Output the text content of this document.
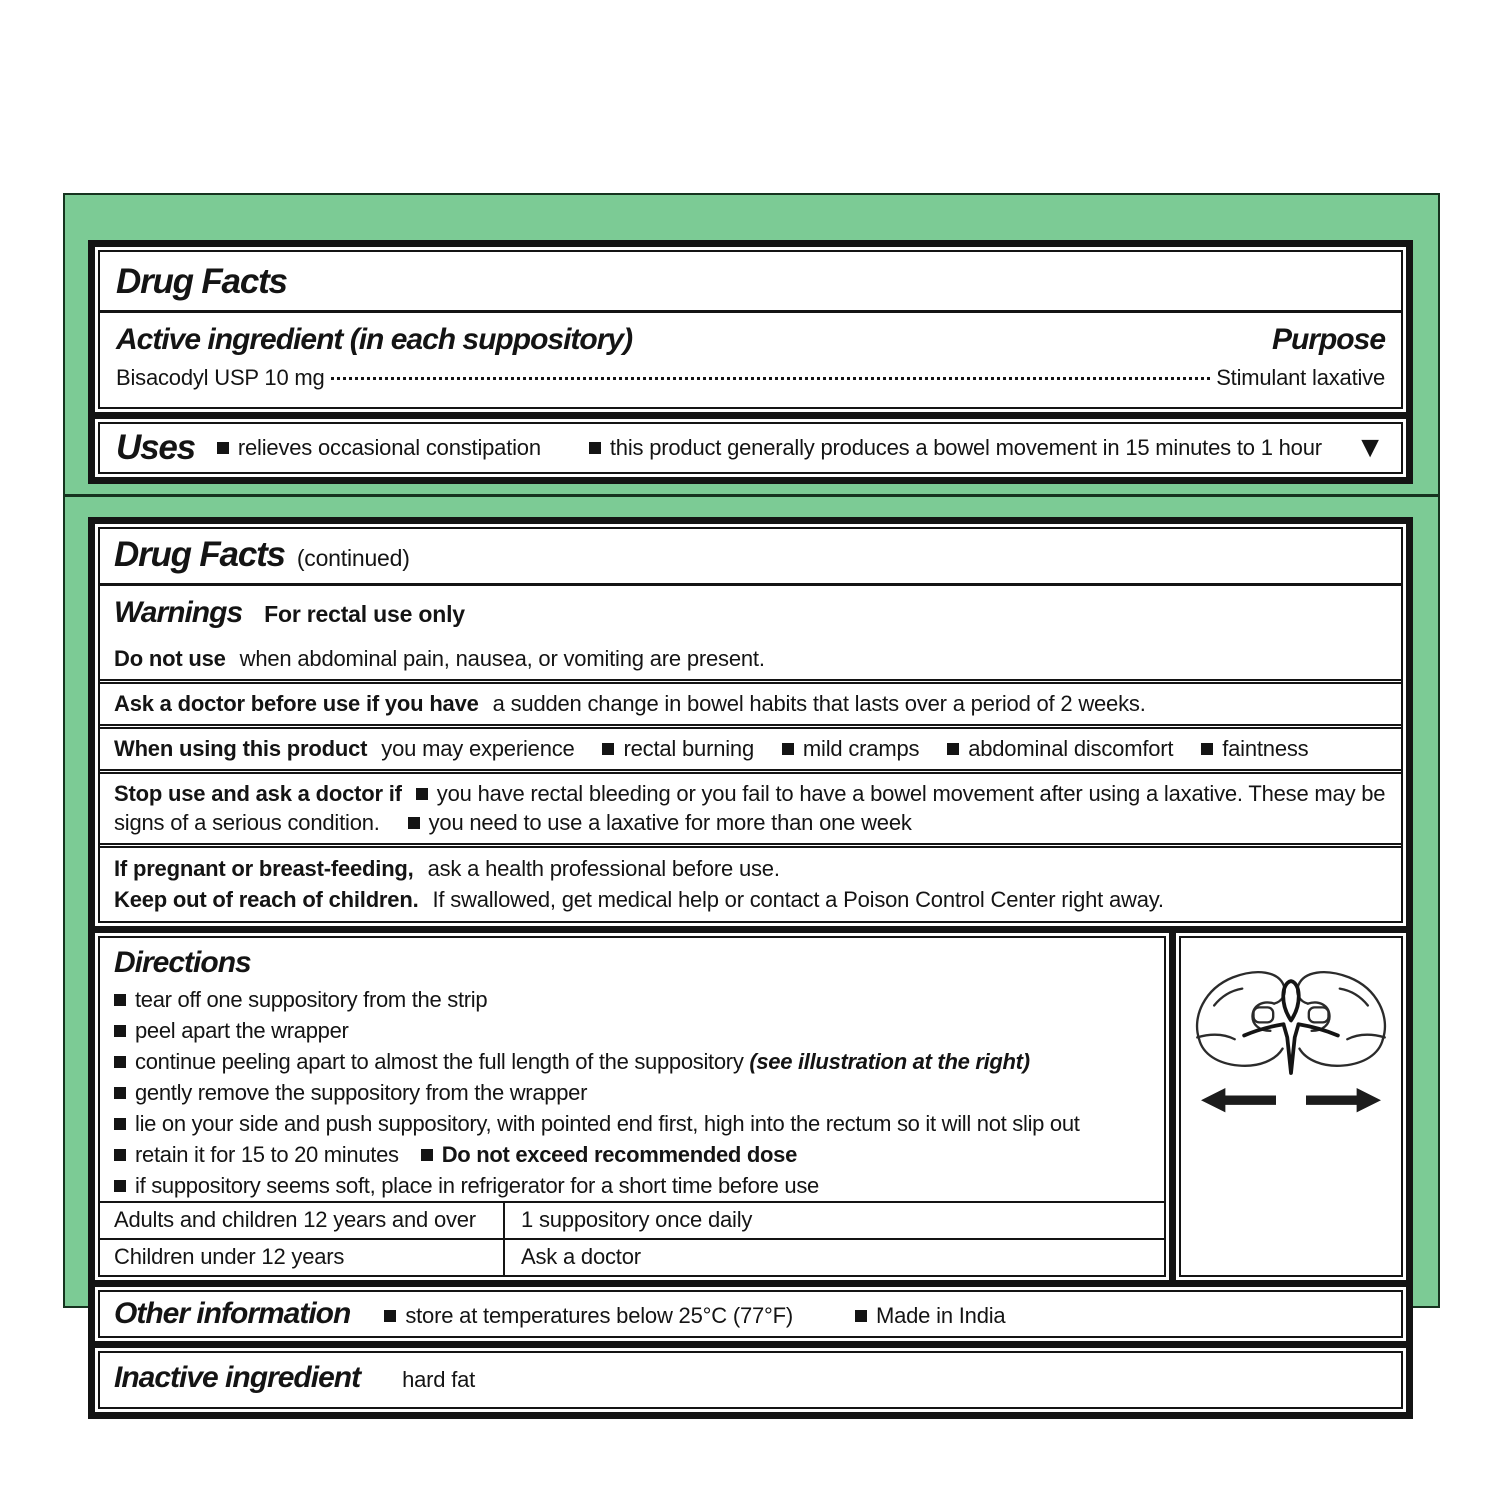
Drug Facts
Active ingredient (in each suppository)	Purpose
Bisacodyl USP 10 mg	Stimulant laxative
Uses	relieves occasional constipation	this product generally produces a bowel movement in 15 minutes to 1 hour	▼
Drug Facts (continued)
Warnings For rectal use only
Do not use when abdominal pain, nausea, or vomiting are present.
Ask a doctor before use if you have a sudden change in bowel habits that lasts over a period of 2 weeks.
When using this product you may experience rectal burning mild cramps abdominal discomfort faintness
Stop use and ask a doctor if you have rectal bleeding or you fail to have a bowel movement after using a laxative. These may be signs of a serious condition. you need to use a laxative for more than one week
If pregnant or breast-feeding, ask a health professional before use.
Keep out of reach of children. If swallowed, get medical help or contact a Poison Control Center right away.
Directions
tear off one suppository from the strip
peel apart the wrapper
continue peeling apart to almost the full length of the suppository (see illustration at the right)
gently remove the suppository from the wrapper
lie on your side and push suppository, with pointed end first, high into the rectum so it will not slip out
retain it for 15 to 20 minutes Do not exceed recommended dose
if suppository seems soft, place in refrigerator for a short time before use
Adults and children 12 years and over	1 suppository once daily
Children under 12 years	Ask a doctor
Other information	store at temperatures below 25°C (77°F)	Made in India
Inactive ingredient hard fat
